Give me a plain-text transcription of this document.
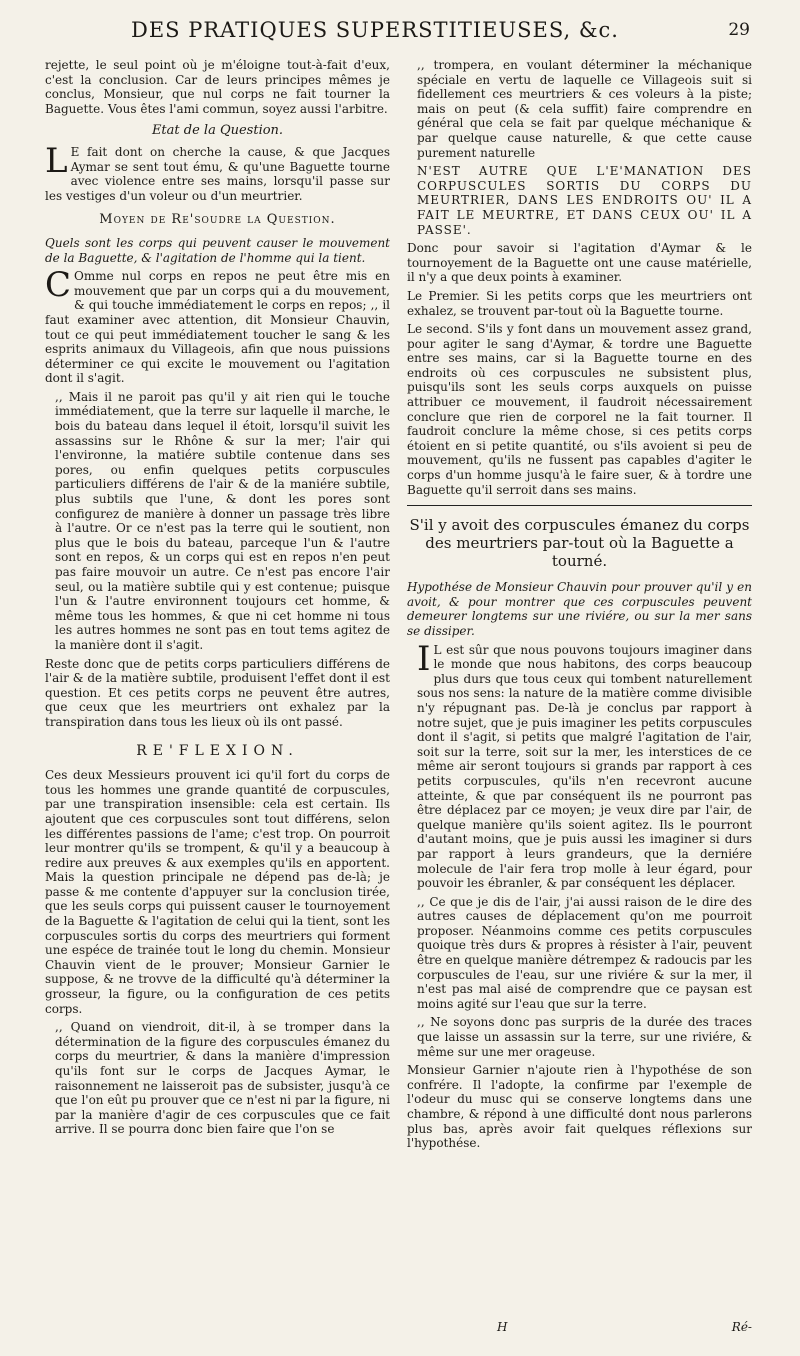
DES PRATIQUES SUPERSTITIEUSES, &c.	29

rejette, le seul point où je m'éloigne tout-à-fait d'eux, c'est la conclusion. Car de leurs principes mêmes je conclus, Monsieur, que nul corps ne fait tourner la Baguette. Vous êtes l'ami commun, soyez aussi l'arbitre.

Etat de la Question.

L E fait dont on cherche la cause, & que Jacques Aymar se sent tout ému, & qu'une Baguette tourne avec violence entre ses mains, lorsqu'il passe sur les vestiges d'un voleur ou d'un meurtrier.

Moyen de Re'soudre la Question.

Quels sont les corps qui peuvent causer le mouvement de la Baguette, & l'agitation de l'homme qui la tient.

C Omme nul corps en repos ne peut être mis en mouvement que par un corps qui a du mouvement, & qui touche immédiatement le corps en repos; ,, il faut examiner avec attention, dit Monsieur Chauvin, tout ce qui peut immédiatement toucher le sang & les esprits animaux du Villageois, afin que nous puissions déterminer ce qui excite le mouvement ou l'agitation dont il s'agit.

,, Mais il ne paroit pas qu'il y ait rien qui le touche immédiatement, que la terre sur laquelle il marche, le bois du bateau dans lequel il étoit, lorsqu'il suivit les assassins sur le Rhône & sur la mer; l'air qui l'environne, la matiére subtile contenue dans ses pores, ou enfin quelques petits corpuscules particuliers différens de l'air & de la maniére subtile, plus subtils que l'une, & dont les pores sont configurez de manière à donner un passage très libre à l'autre. Or ce n'est pas la terre qui le soutient, non plus que le bois du bateau, parceque l'un & l'autre sont en repos, & un corps qui est en repos n'en peut pas faire mouvoir un autre. Ce n'est pas encore l'air seul, ou la matière subtile qui y est contenue; puisque l'un & l'autre environnent toujours cet homme, & même tous les hommes, & que ni cet homme ni tous les autres hommes ne sont pas en tout tems agitez de la manière dont il s'agit.

Reste donc que de petits corps particuliers différens de l'air & de la matière subtile, produisent l'effet dont il est question. Et ces petits corps ne peuvent être autres, que ceux que les meurtriers ont exhalez par la transpiration dans tous les lieux où ils ont passé.

RE'FLEXION.

Ces deux Messieurs prouvent ici qu'il fort du corps de tous les hommes une grande quantité de corpuscules, par une transpiration insensible: cela est certain. Ils ajoutent que ces corpuscules sont tout différens, selon les différentes passions de l'ame; c'est trop. On pourroit leur montrer qu'ils se trompent, & qu'il y a beaucoup à redire aux preuves & aux exemples qu'ils en apportent. Mais la question principale ne dépend pas de-là; je passe & me contente d'appuyer sur la conclusion tirée, que les seuls corps qui puissent causer le tournoyement de la Baguette & l'agitation de celui qui la tient, sont les corpuscules sortis du corps des meurtriers qui forment une espéce de trainée tout le long du chemin. Monsieur Chauvin vient de le prouver; Monsieur Garnier le suppose, & ne trovve de la difficulté qu'à déterminer la grosseur, la figure, ou la configuration de ces petits corps.

,, Quand on viendroit, dit-il, à se tromper dans la détermination de la figure des corpuscules émanez du corps du meurtrier, & dans la manière d'impression qu'ils font sur le corps de Jacques Aymar, le raisonnement ne laisseroit pas de subsister, jusqu'à ce que l'on eût pu prouver que ce n'est ni par la figure, ni par la manière d'agir de ces corpuscules que ce fait arrive. Il se pourra donc bien faire que l'on se

,, trompera, en voulant déterminer la méchanique spéciale en vertu de laquelle ce Villageois suit si fidellement ces meurtriers & ces voleurs à la piste; mais on peut (& cela suffit) faire comprendre en général que cela se fait par quelque méchanique & par quelque cause naturelle, & que cette cause purement naturelle

N'EST AUTRE QUE L'E'MANATION DES CORPUSCULES SORTIS DU CORPS DU MEURTRIER, DANS LES ENDROITS OU' IL A FAIT LE MEURTRE, ET DANS CEUX OU' IL A PASSE'.

Donc pour savoir si l'agitation d'Aymar & le tournoyement de la Baguette ont une cause matérielle, il n'y a que deux points à examiner.

Le Premier. Si les petits corps que les meurtriers ont exhalez, se trouvent par-tout où la Baguette tourne.

Le second. S'ils y font dans un mouvement assez grand, pour agiter le sang d'Aymar, & tordre une Baguette entre ses mains, car si la Baguette tourne en des endroits où ces corpuscules ne subsistent plus, puisqu'ils sont les seuls corps auxquels on puisse attribuer ce mouvement, il faudroit nécessairement conclure que rien de corporel ne la fait tourner. Il faudroit conclure la même chose, si ces petits corps étoient en si petite quantité, ou s'ils avoient si peu de mouvement, qu'ils ne fussent pas capables d'agiter le corps d'un homme jusqu'à le faire suer, & à tordre une Baguette qu'il serroit dans ses mains.

S'il y avoit des corpuscules émanez du corps des meurtriers par-tout où la Baguette a tourné.

Hypothése de Monsieur Chauvin pour prouver qu'il y en avoit, & pour montrer que ces corpuscules peuvent demeurer longtems sur une riviére, ou sur la mer sans se dissiper.

I L est sûr que nous pouvons toujours imaginer dans le monde que nous habitons, des corps beaucoup plus durs que tous ceux qui tombent naturellement sous nos sens: la nature de la matière comme divisible n'y répugnant pas. De-là je conclus par rapport à notre sujet, que je puis imaginer les petits corpuscules dont il s'agit, si petits que malgré l'agitation de l'air, soit sur la terre, soit sur la mer, les interstices de ce même air seront toujours si grands par rapport à ces petits corpuscules, qu'ils n'en recevront aucune atteinte, & que par conséquent ils ne pourront pas être déplacez par ce moyen; je veux dire par l'air, de quelque manière qu'ils soient agitez. Ils le pourront d'autant moins, que je puis aussi les imaginer si durs par rapport à leurs grandeurs, que la derniére molecule de l'air fera trop molle à leur égard, pour pouvoir les ébranler, & par conséquent les déplacer.

,, Ce que je dis de l'air, j'ai aussi raison de le dire des autres causes de déplacement qu'on me pourroit proposer. Néanmoins comme ces petits corpuscules quoique très durs & propres à résister à l'air, peuvent être en quelque manière détrempez & radoucis par les corpuscules de l'eau, sur une riviére & sur la mer, il n'est pas mal aisé de comprendre que ce paysan est moins agité sur l'eau que sur la terre.

,, Ne soyons donc pas surpris de la durée des traces que laisse un assassin sur la terre, sur une riviére, & même sur une mer orageuse.

Monsieur Garnier n'ajoute rien à l'hypothése de son confrére. Il l'adopte, la confirme par l'exemple de l'odeur du musc qui se conserve longtems dans une chambre, & répond à une difficulté dont nous parlerons plus bas, après avoir fait quelques réflexions sur l'hypothése.

H	Ré-
